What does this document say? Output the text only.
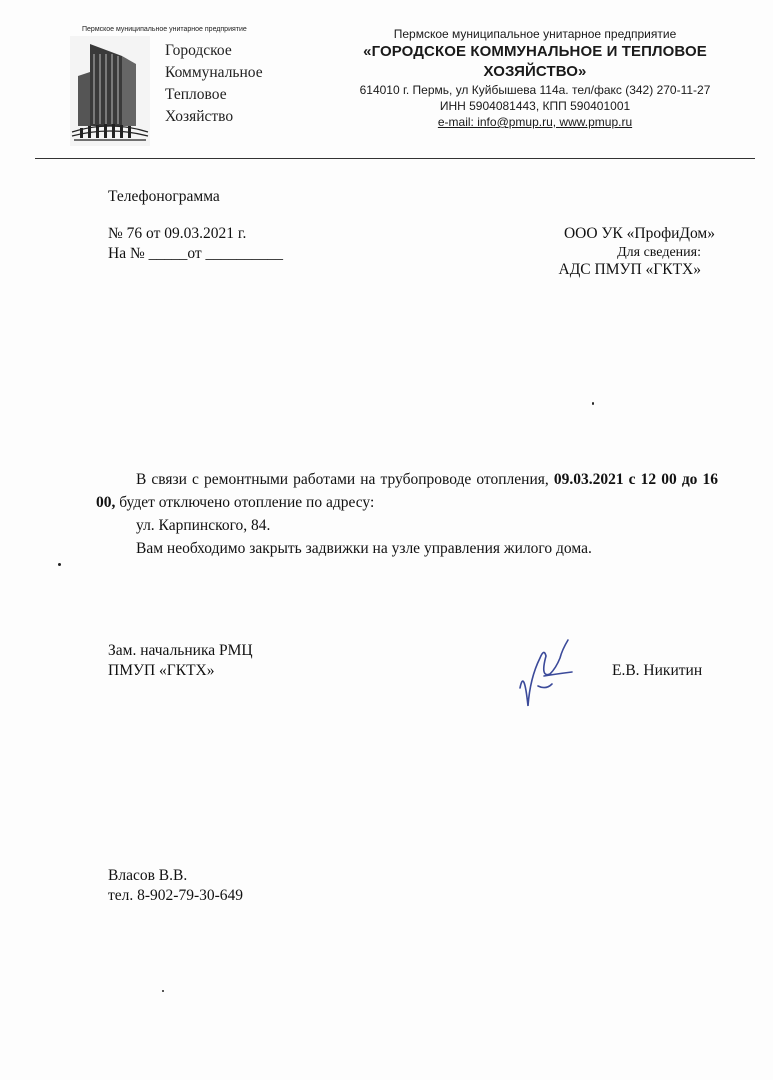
Пермское муниципальное унитарное предприятие
Городское
Коммунальное
Тепловое
Хозяйство
Пермское муниципальное унитарное предприятие
«ГОРОДСКОЕ КОММУНАЛЬНОЕ И ТЕПЛОВОЕ ХОЗЯЙСТВО»
614010 г. Пермь, ул Куйбышева 114а. тел/факс (342) 270-11-27
ИНН 5904081443, КПП 590401001
e-mail: info@pmup.ru, www.pmup.ru
Телефонограмма
№ 76 от 09.03.2021 г.
На № _____от __________
ООО УК «ПрофиДом»
Для сведения:
АДС ПМУП «ГКТХ»
В связи с ремонтными работами на трубопроводе отопления, 09.03.2021 с 12 00 до 16 00, будет отключено отопление по адресу:
ул. Карпинского, 84.
Вам необходимо закрыть задвижки на узле управления жилого дома.
Зам. начальника РМЦ
ПМУП «ГКТХ»	Е.В. Никитин
Власов В.В.
тел. 8-902-79-30-649
